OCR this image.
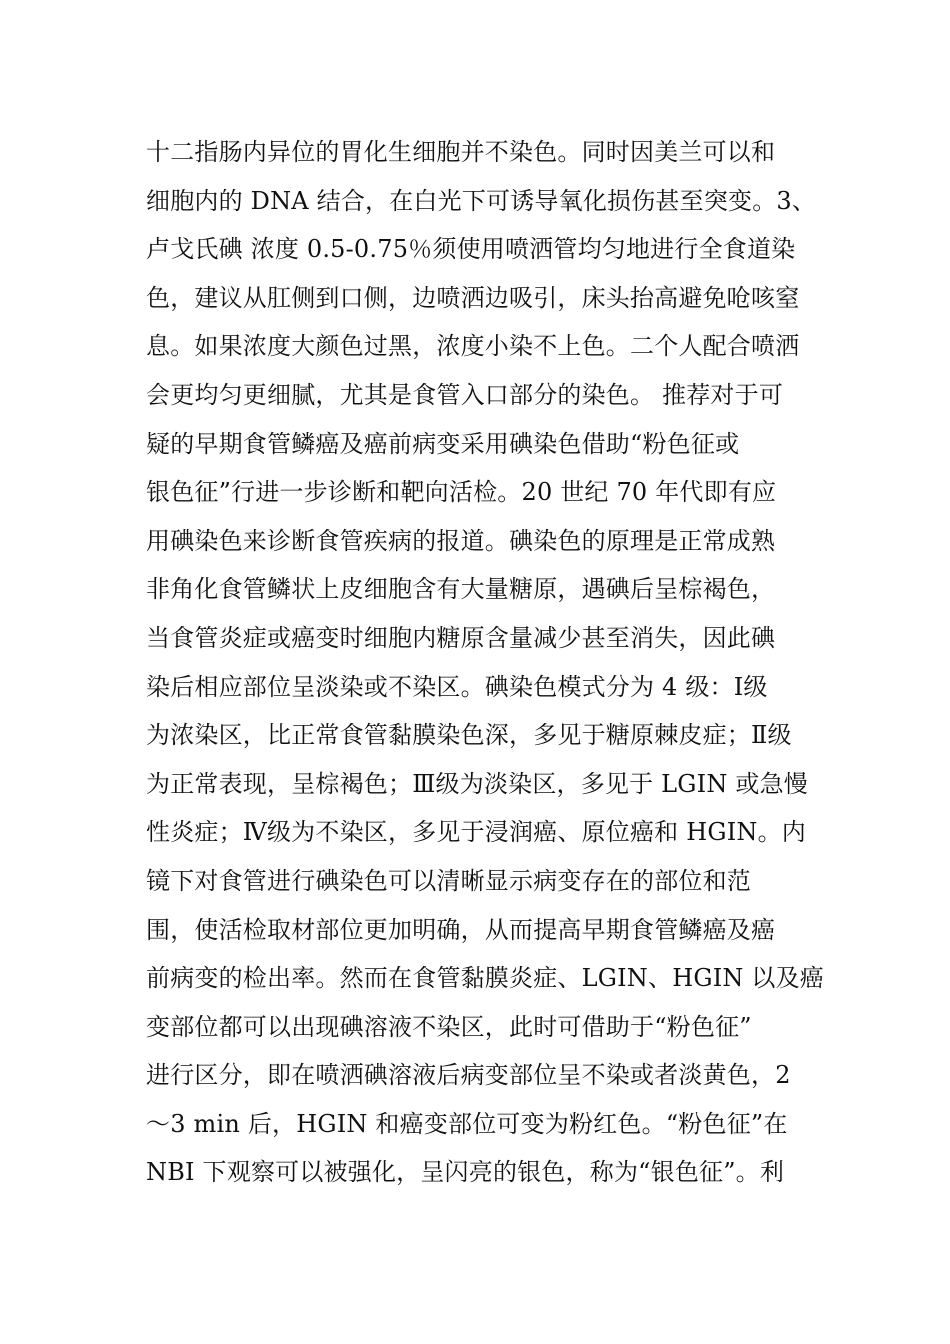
十二指肠内异位的胃化生细胞并不染色。同时因美兰可以和
细胞内的 DNA 结合，在白光下可诱导氧化损伤甚至突变。3、
卢戈氏碘 浓度 0.5-0.75％须使用喷洒管均匀地进行全食道染
色，建议从肛侧到口侧，边喷洒边吸引，床头抬高避免呛咳窒
息。如果浓度大颜色过黑，浓度小染不上色。二个人配合喷洒
会更均匀更细腻，尤其是食管入口部分的染色。 推荐对于可
疑的早期食管鳞癌及癌前病变采用碘染色借助“粉色征或
银色征”行进一步诊断和靶向活检。20 世纪 70 年代即有应
用碘染色来诊断食管疾病的报道。碘染色的原理是正常成熟
非角化食管鳞状上皮细胞含有大量糖原，遇碘后呈棕褐色，
当食管炎症或癌变时细胞内糖原含量减少甚至消失，因此碘
染后相应部位呈淡染或不染区。碘染色模式分为 4 级：Ⅰ级
为浓染区，比正常食管黏膜染色深，多见于糖原棘皮症；Ⅱ级
为正常表现，呈棕褐色；Ⅲ级为淡染区，多见于 LGIN 或急慢
性炎症；Ⅳ级为不染区，多见于浸润癌、原位癌和 HGIN。内
镜下对食管进行碘染色可以清晰显示病变存在的部位和范
围，使活检取材部位更加明确，从而提高早期食管鳞癌及癌
前病变的检出率。然而在食管黏膜炎症、LGIN、HGIN 以及癌
变部位都可以出现碘溶液不染区，此时可借助于“粉色征”
进行区分，即在喷洒碘溶液后病变部位呈不染或者淡黄色，2
～3 min 后，HGIN 和癌变部位可变为粉红色。“粉色征”在
NBI 下观察可以被强化，呈闪亮的银色，称为“银色征”。利
